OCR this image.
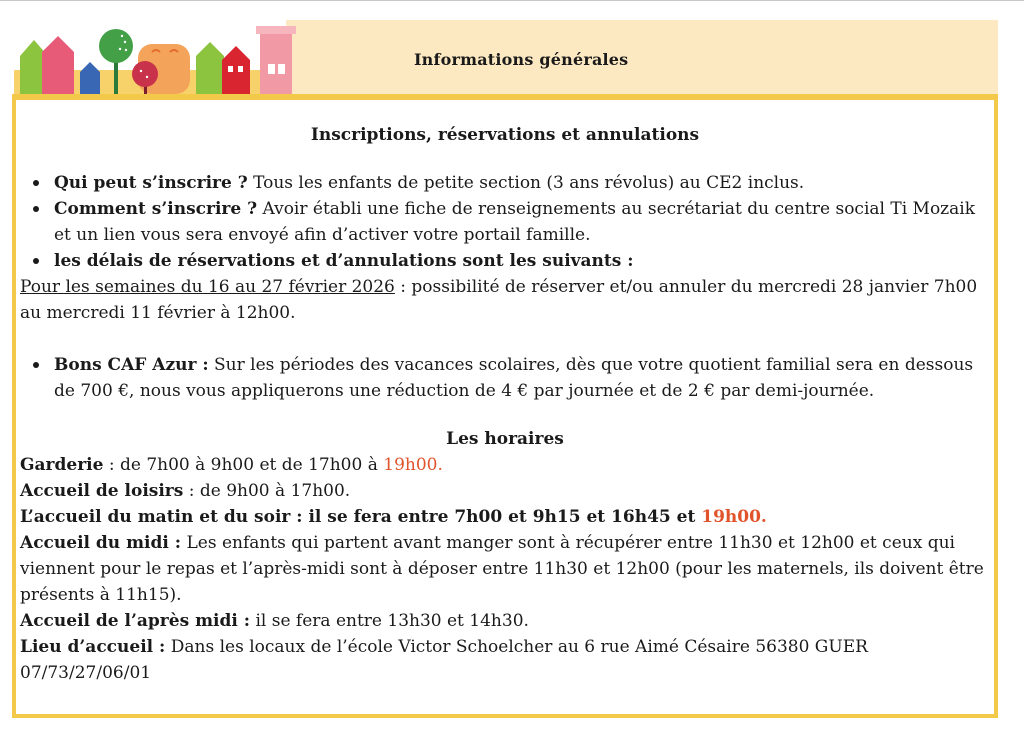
Informations générales
Inscriptions, réservations et annulations
Qui peut s’inscrire ? Tous les enfants de petite section (3 ans révolus) au CE2 inclus.
Comment s’inscrire ? Avoir établi une fiche de renseignements au secrétariat du centre social Ti Mozaik et un lien vous sera envoyé afin d’activer votre portail famille.
les délais de réservations et d’annulations sont les suivants :

Pour les semaines du 16 au 27 février 2026 : possibilité de réserver et/ou annuler du mercredi 28 janvier 7h00 au mercredi 11 février à 12h00.

Bons CAF Azur : Sur les périodes des vacances scolaires, dès que votre quotient familial sera en dessous de 700 €, nous vous appliquerons une réduction de 4 € par journée et de 2 € par demi-journée.
Les horaires

Garderie : de 7h00 à 9h00 et de 17h00 à 19h00.

Accueil de loisirs : de 9h00 à 17h00.

L’accueil du matin et du soir : il se fera entre 7h00 et 9h15 et 16h45 et 19h00.

Accueil du midi : Les enfants qui partent avant manger sont à récupérer entre 11h30 et 12h00 et ceux qui viennent pour le repas et l’après-midi sont à déposer entre 11h30 et 12h00 (pour les maternels, ils doivent être présents à 11h15).

Accueil de l’après midi : il se fera entre 13h30 et 14h30.

Lieu d’accueil : Dans les locaux de l’école Victor Schoelcher au 6 rue Aimé Césaire 56380 GUER 07/73/27/06/01
